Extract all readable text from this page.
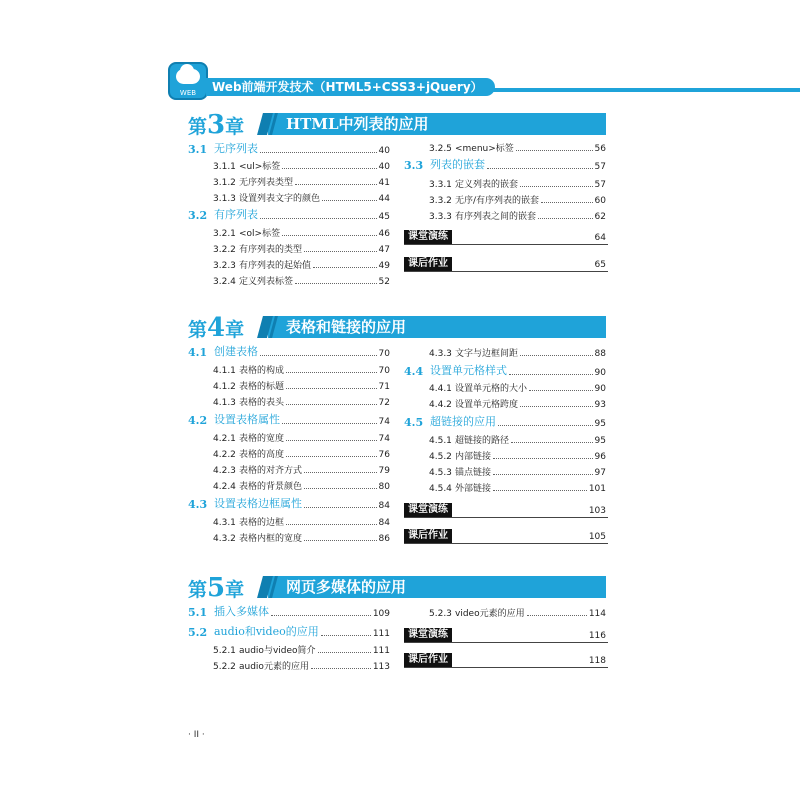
WEB	Web前端开发技术（HTML5+CSS3+jQuery）
第3章	HTML中列表的应用
第4章	表格和链接的应用
第5章	网页多媒体的应用
3.1 无序列表	40
3.1.1 <ul>标签	40
3.1.2 无序列表类型	41
3.1.3 设置列表文字的颜色	44
3.2 有序列表	45
3.2.1 <ol>标签	46
3.2.2 有序列表的类型	47
3.2.3 有序列表的起始值	49
3.2.4 定义列表标签	52
3.2.5 <menu>标签	56
3.3 列表的嵌套	57
3.3.1 定义列表的嵌套	57
3.3.2 无序/有序列表的嵌套	60
3.3.3 有序列表之间的嵌套	62
课堂演练	64
课后作业	65
4.1 创建表格	70
4.1.1 表格的构成	70
4.1.2 表格的标题	71
4.1.3 表格的表头	72
4.2 设置表格属性	74
4.2.1 表格的宽度	74
4.2.2 表格的高度	76
4.2.3 表格的对齐方式	79
4.2.4 表格的背景颜色	80
4.3 设置表格边框属性	84
4.3.1 表格的边框	84
4.3.2 表格内框的宽度	86
4.3.3 文字与边框间距	88
4.4 设置单元格样式	90
4.4.1 设置单元格的大小	90
4.4.2 设置单元格跨度	93
4.5 超链接的应用	95
4.5.1 超链接的路径	95
4.5.2 内部链接	96
4.5.3 锚点链接	97
4.5.4 外部链接	101
课堂演练	103
课后作业	105
5.1 插入多媒体	109
5.2 audio和video的应用	111
5.2.1 audio与video简介	111
5.2.2 audio元素的应用	113
5.2.3 video元素的应用	114
课堂演练	116
课后作业	118
· II ·
